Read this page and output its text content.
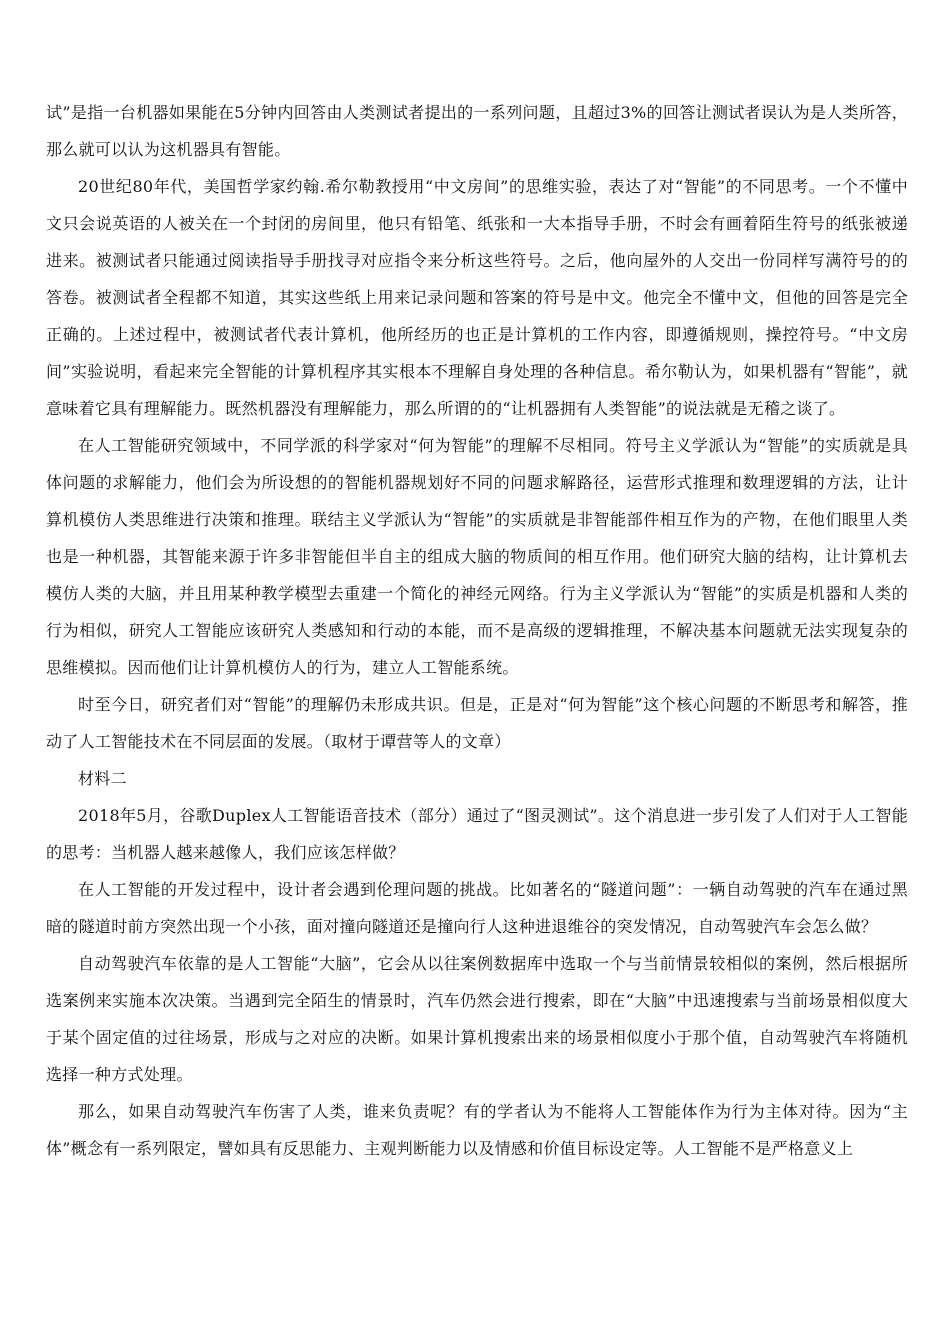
试”是指一台机器如果能在5分钟内回答由人类测试者提出的一系列问题，且超过3%的回答让测试者误认为是人类所答，那么就可以认为这机器具有智能。

20世纪80年代，美国哲学家约翰.希尔勒教授用“中文房间”的思维实验，表达了对“智能”的不同思考。一个不懂中文只会说英语的人被关在一个封闭的房间里，他只有铅笔、纸张和一大本指导手册，不时会有画着陌生符号的纸张被递进来。被测试者只能通过阅读指导手册找寻对应指令来分析这些符号。之后，他向屋外的人交出一份同样写满符号的的答卷。被测试者全程都不知道，其实这些纸上用来记录问题和答案的符号是中文。他完全不懂中文，但他的回答是完全正确的。上述过程中，被测试者代表计算机，他所经历的也正是计算机的工作内容，即遵循规则，操控符号。“中文房间”实验说明，看起来完全智能的计算机程序其实根本不理解自身处理的各种信息。希尔勒认为，如果机器有“智能”，就意味着它具有理解能力。既然机器没有理解能力，那么所谓的的“让机器拥有人类智能”的说法就是无稽之谈了。

在人工智能研究领域中，不同学派的科学家对“何为智能”的理解不尽相同。符号主义学派认为“智能”的实质就是具体问题的求解能力，他们会为所设想的的智能机器规划好不同的问题求解路径，运营形式推理和数理逻辑的方法，让计算机模仿人类思维进行决策和推理。联结主义学派认为“智能”的实质就是非智能部件相互作为的产物，在他们眼里人类也是一种机器，其智能来源于许多非智能但半自主的组成大脑的物质间的相互作用。他们研究大脑的结构，让计算机去模仿人类的大脑，并且用某种教学模型去重建一个简化的神经元网络。行为主义学派认为“智能”的实质是机器和人类的行为相似，研究人工智能应该研究人类感知和行动的本能，而不是高级的逻辑推理，不解决基本问题就无法实现复杂的思维模拟。因而他们让计算机模仿人的行为，建立人工智能系统。

时至今日，研究者们对“智能”的理解仍未形成共识。但是，正是对“何为智能”这个核心问题的不断思考和解答，推动了人工智能技术在不同层面的发展。（取材于谭营等人的文章）

材料二

2018年5月，谷歌Duplex人工智能语音技术（部分）通过了“图灵测试”。这个消息进一步引发了人们对于人工智能的思考：当机器人越来越像人，我们应该怎样做？

在人工智能的开发过程中，设计者会遇到伦理问题的挑战。比如著名的“隧道问题”：一辆自动驾驶的汽车在通过黑暗的隧道时前方突然出现一个小孩，面对撞向隧道还是撞向行人这种进退维谷的突发情况，自动驾驶汽车会怎么做？

自动驾驶汽车依靠的是人工智能“大脑”，它会从以往案例数据库中选取一个与当前情景较相似的案例，然后根据所选案例来实施本次决策。当遇到完全陌生的情景时，汽车仍然会进行搜索，即在“大脑”中迅速搜索与当前场景相似度大于某个固定值的过往场景，形成与之对应的决断。如果计算机搜索出来的场景相似度小于那个值，自动驾驶汽车将随机选择一种方式处理。

那么，如果自动驾驶汽车伤害了人类，谁来负责呢？有的学者认为不能将人工智能体作为行为主体对待。因为“主体”概念有一系列限定，譬如具有反思能力、主观判断能力以及情感和价值目标设定等。人工智能不是严格意义上
